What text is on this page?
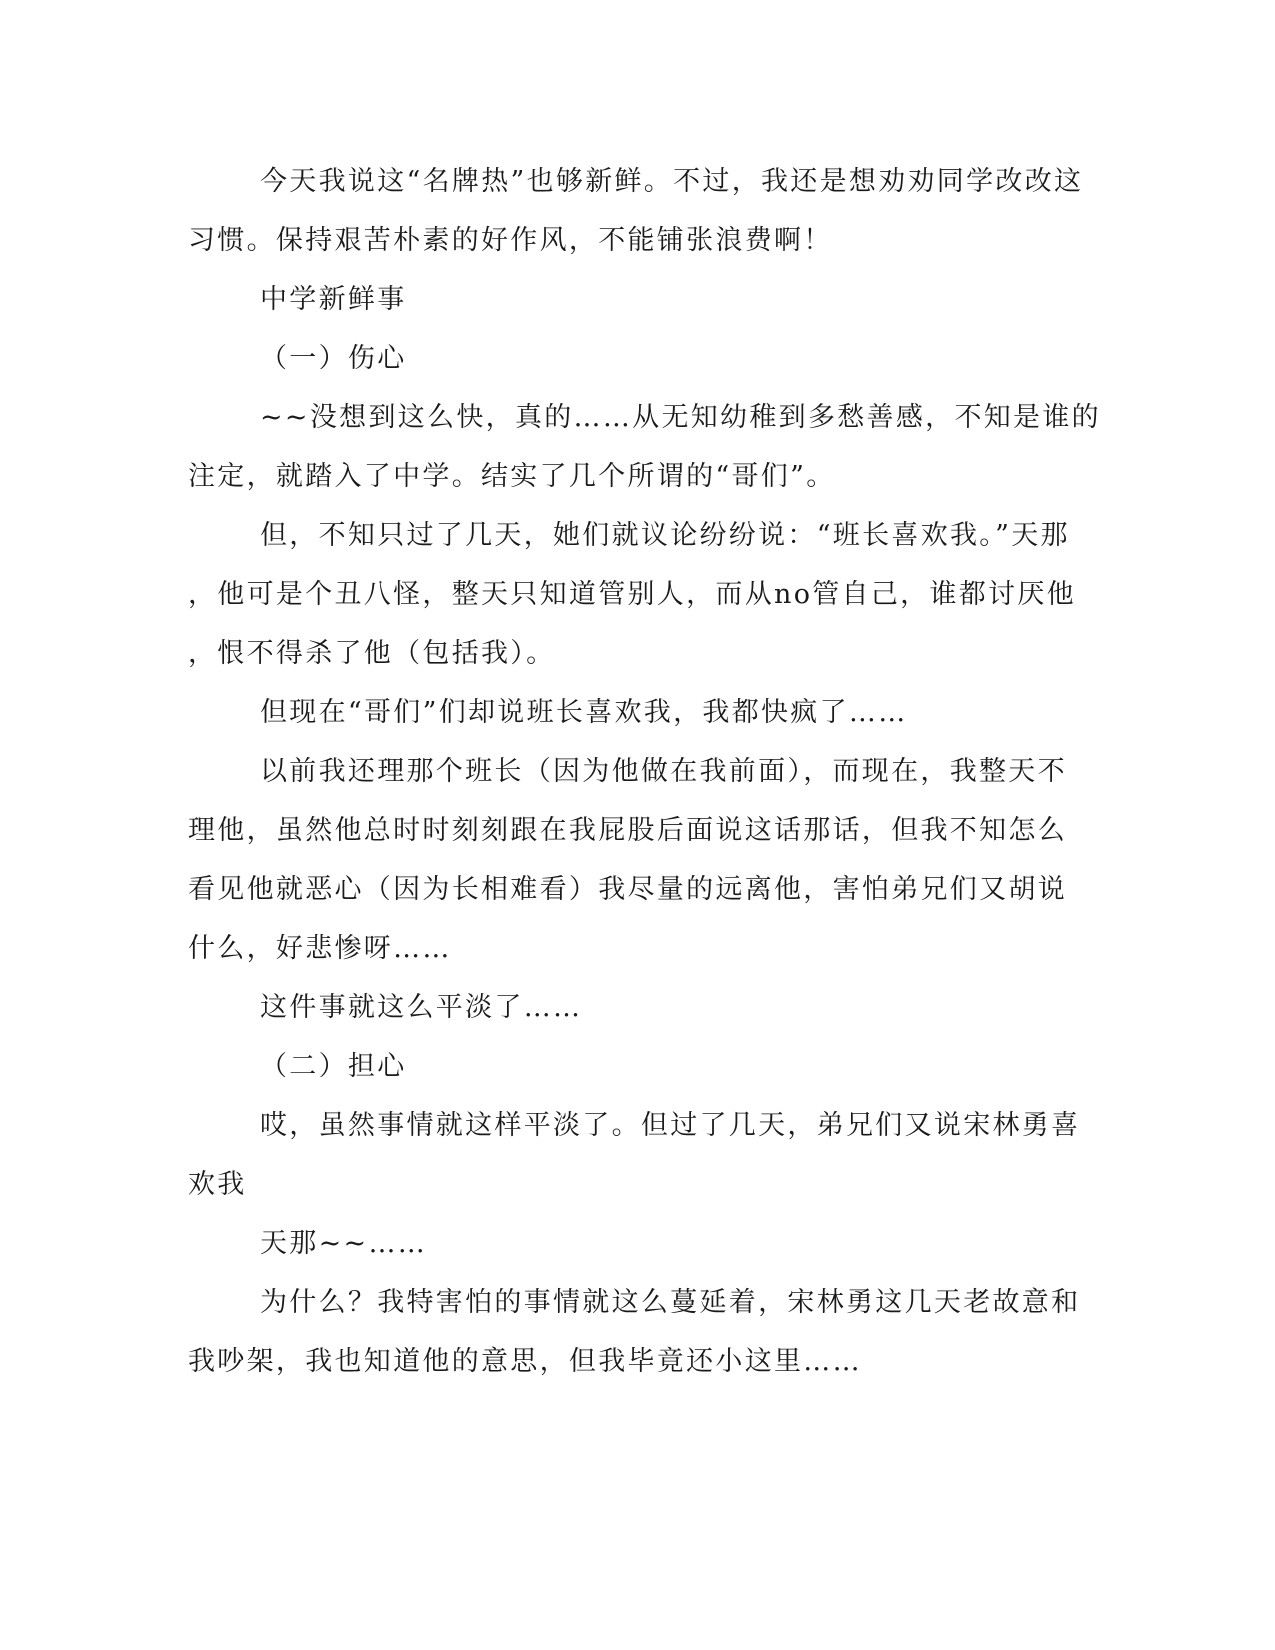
今天我说这“名牌热”也够新鲜。不过，我还是想劝劝同学改改这

习惯。保持艰苦朴素的好作风，不能铺张浪费啊！

中学新鲜事

（一）伤心

~~没想到这么快，真的……从无知幼稚到多愁善感，不知是谁的

注定，就踏入了中学。结实了几个所谓的“哥们”。

但，不知只过了几天，她们就议论纷纷说：“班长喜欢我。”天那

，他可是个丑八怪，整天只知道管别人，而从no管自己，谁都讨厌他

，恨不得杀了他（包括我）。

但现在“哥们”们却说班长喜欢我，我都快疯了……

以前我还理那个班长（因为他做在我前面），而现在，我整天不

理他，虽然他总时时刻刻跟在我屁股后面说这话那话，但我不知怎么

看见他就恶心（因为长相难看）我尽量的远离他，害怕弟兄们又胡说

什么，好悲惨呀……

这件事就这么平淡了……

（二）担心

哎，虽然事情就这样平淡了。但过了几天，弟兄们又说宋林勇喜

欢我

天那~~……

为什么？我特害怕的事情就这么蔓延着，宋林勇这几天老故意和

我吵架，我也知道他的意思，但我毕竟还小这里……
